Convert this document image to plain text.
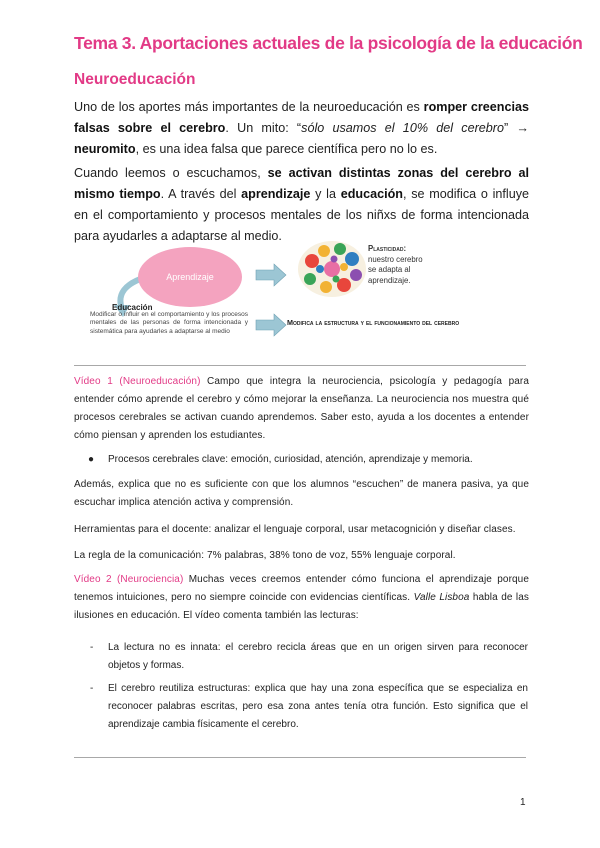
Tema 3. Aportaciones actuales de la psicología de la educación
Neuroeducación

Uno de los aportes más importantes de la neuroeducación es romper creencias falsas sobre el cerebro. Un mito: “sólo usamos el 10% del cerebro” → neuromito, es una idea falsa que parece científica pero no lo es.

Cuando leemos o escuchamos, se activan distintas zonas del cerebro al mismo tiempo. A través del aprendizaje y la educación, se modifica o influye en el comportamiento y procesos mentales de los niñxs de forma intencionada para ayudarles a adaptarse al medio.

Aprendizaje
Educación
Modificar o influir en el comportamiento y los procesos mentales de las personas de forma intencionada y sistemática para ayudarles a adaptarse al medio
Plasticidad: nuestro cerebro se adapta al aprendizaje.
Modifica la estructura y el funcionamiento del cerebro

Vídeo 1 (Neuroeducación) Campo que integra la neurociencia, psicología y pedagogía para entender cómo aprende el cerebro y cómo mejorar la enseñanza. La neurociencia nos muestra qué procesos cerebrales se activan cuando aprendemos. Saber esto, ayuda a los docentes a entender cómo piensan y aprenden los estudiantes.

● Procesos cerebrales clave: emoción, curiosidad, atención, aprendizaje y memoria.

Además, explica que no es suficiente con que los alumnos “escuchen” de manera pasiva, ya que escuchar implica atención activa y comprensión.

Herramientas para el docente: analizar el lenguaje corporal, usar metacognición y diseñar clases.

La regla de la comunicación: 7% palabras, 38% tono de voz, 55% lenguaje corporal.

Vídeo 2 (Neurociencia) Muchas veces creemos entender cómo funciona el aprendizaje porque tenemos intuiciones, pero no siempre coincide con evidencias científicas. Valle Lisboa habla de las ilusiones en educación. El vídeo comenta también las lecturas:

- La lectura no es innata: el cerebro recicla áreas que en un origen sirven para reconocer objetos y formas.
- El cerebro reutiliza estructuras: explica que hay una zona específica que se especializa en reconocer palabras escritas, pero esa zona antes tenía otra función. Esto significa que el aprendizaje cambia físicamente el cerebro.
1
